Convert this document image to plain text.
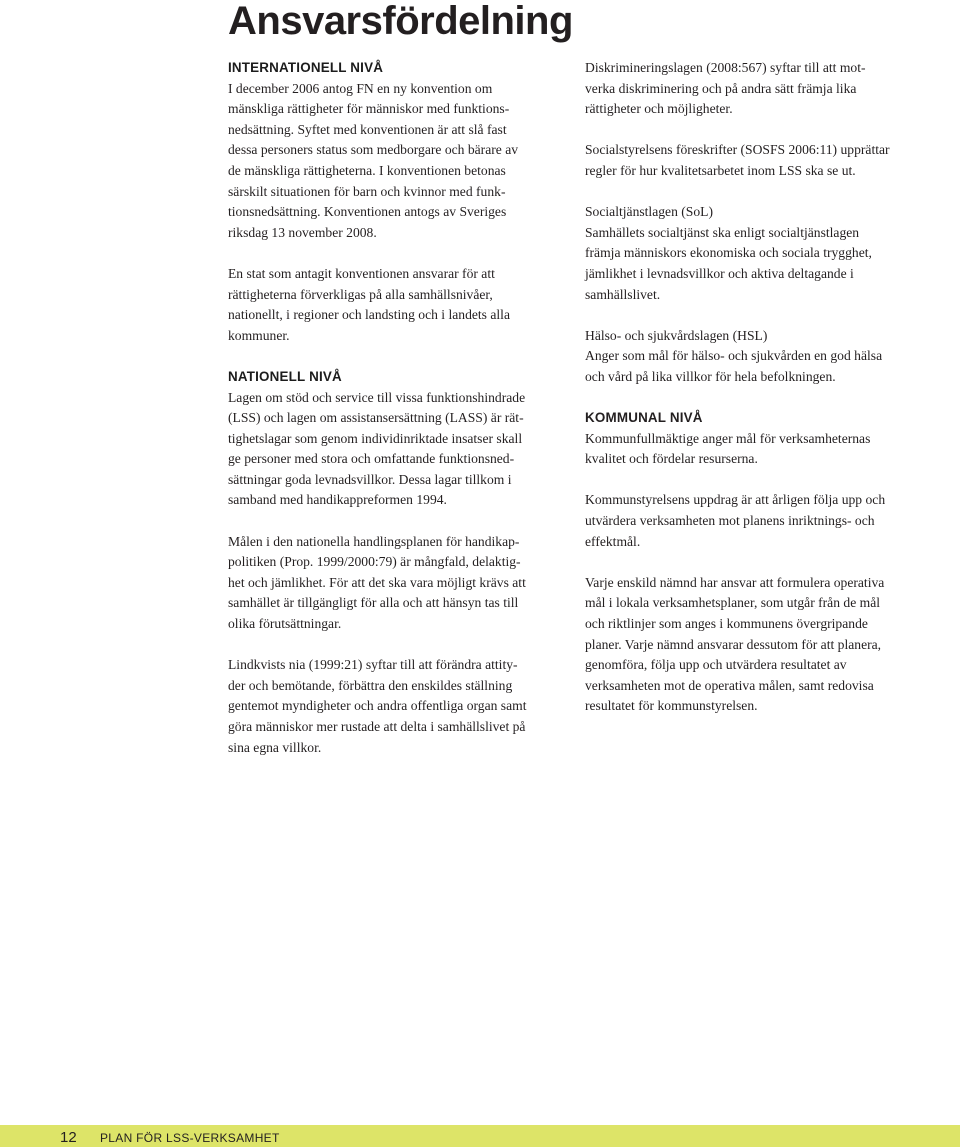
Ansvarsfördelning
INTERNATIONELL NIVÅ

I december 2006 antog FN en ny konvention om
mänskliga rättigheter för människor med funktions-
nedsättning. Syftet med konventionen är att slå fast
dessa personers status som medborgare och bärare av
de mänskliga rättigheterna. I konventionen betonas
särskilt situationen för barn och kvinnor med funk-
tionsnedsättning. Konventionen antogs av Sveriges
riksdag 13 november 2008.

En stat som antagit konventionen ansvarar för att
rättigheterna förverkligas på alla samhällsnivåer,
nationellt, i regioner och landsting och i landets alla
kommuner.

NATIONELL NIVÅ

Lagen om stöd och service till vissa funktionshindrade
(LSS) och lagen om assistansersättning (LASS) är rät-
tighetslagar som genom individinriktade insatser skall
ge personer med stora och omfattande funktionsned-
sättningar goda levnadsvillkor. Dessa lagar tillkom i
samband med handikappreformen 1994.

Målen i den nationella handlingsplanen för handikap-
politiken (Prop. 1999/2000:79) är mångfald, delaktig-
het och jämlikhet. För att det ska vara möjligt krävs att
samhället är tillgängligt för alla och att hänsyn tas till
olika förutsättningar.

Lindkvists nia (1999:21) syftar till att förändra attity-
der och bemötande, förbättra den enskildes ställning
gentemot myndigheter och andra offentliga organ samt
göra människor mer rustade att delta i samhällslivet på
sina egna villkor.

Diskrimineringslagen (2008:567) syftar till att mot-
verka diskriminering och på andra sätt främja lika
rättigheter och möjligheter.

Socialstyrelsens föreskrifter (SOSFS 2006:11) upprättar
regler för hur kvalitetsarbetet inom LSS ska se ut.

Socialtjänstlagen (SoL)
Samhällets socialtjänst ska enligt socialtjänstlagen
främja människors ekonomiska och sociala trygghet,
jämlikhet i levnadsvillkor och aktiva deltagande i
samhällslivet.

Hälso- och sjukvårdslagen (HSL)
Anger som mål för hälso- och sjukvården en god hälsa
och vård på lika villkor för hela befolkningen.

KOMMUNAL NIVÅ

Kommunfullmäktige anger mål för verksamheternas
kvalitet och fördelar resurserna.

Kommunstyrelsens uppdrag är att årligen följa upp och
utvärdera verksamheten mot planens inriktnings- och
effektmål.

Varje enskild nämnd har ansvar att formulera operativa
mål i lokala verksamhetsplaner, som utgår från de mål
och riktlinjer som anges i kommunens övergripande
planer. Varje nämnd ansvarar dessutom för att planera,
genomföra, följa upp och utvärdera resultatet av
verksamheten mot de operativa målen, samt redovisa
resultatet för kommunstyrelsen.

12 PLAN FÖR LSS-VERKSAMHET
